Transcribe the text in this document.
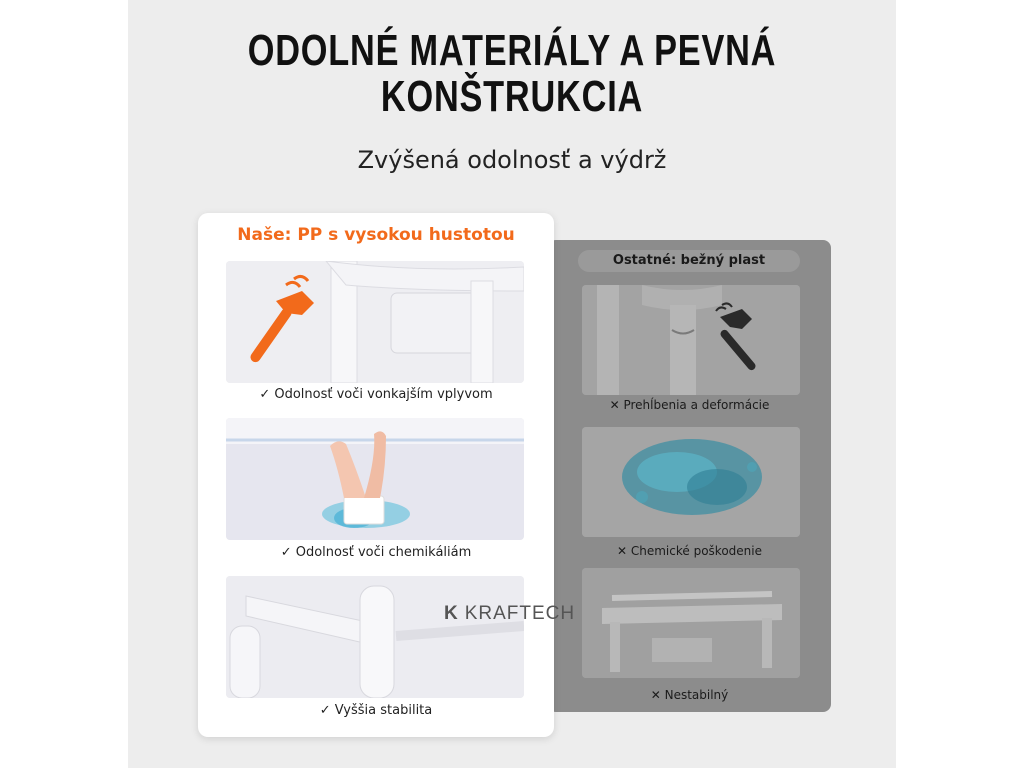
ODOLNÉ MATERIÁLY A PEVNÁ
KONŠTRUKCIA
Zvýšená odolnosť a výdrž
Ostatné: bežný plast
✕ Prehĺbenia a deformácie
✕ Chemické poškodenie
✕ Nestabilný
Naše: PP s vysokou hustotou
✓ Odolnosť voči vonkajším vplyvom
✓ Odolnosť voči chemikáliám
✓ Vyššia stabilita
K KRAFTECH
